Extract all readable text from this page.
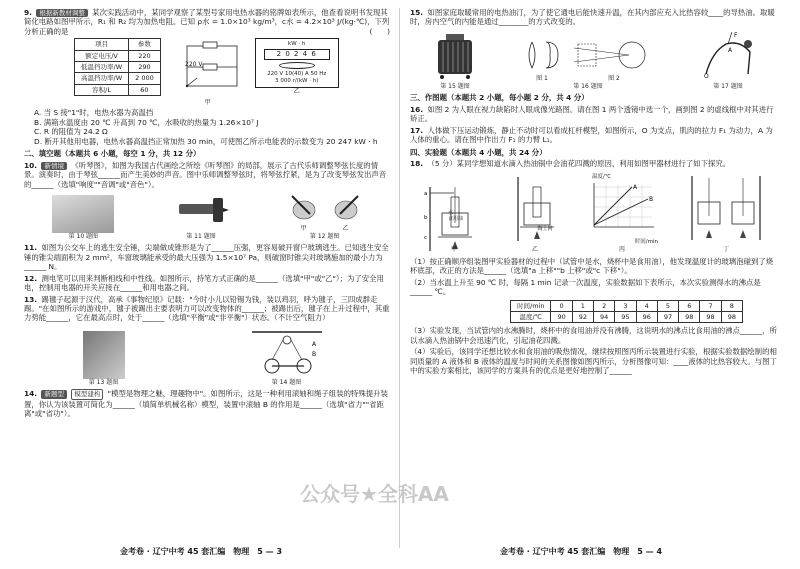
9. 根据新教材调整 某次实践活动中，某同学观察了某型号家用电热水器的铭牌如表所示，他查看说明书发现其简化电路如图甲所示，R₁ 和 R₂ 均为加热电阻。已知 ρ水 = 1.0×10³ kg/m³，c水 = 4.2×10³ J/(kg·℃)，下列分析正确的是	(　　)
项目	参数
额定电压/V	220
低温挡功率/W	290
高温挡功率/W	2 000
容积/L	60
220 V
甲
kW · h
2 0 2 4 6
220 V 10(40) A 50 Hz
3 000 r/(kW · h)
乙
A. 当 S 接"1"时，电热水器为高温挡
B. 满箱水温度由 20 ℃ 升高到 70 ℃，水吸收的热量为 1.26×10⁷ J
C. R 的阻值为 24.2 Ω
D. 断开其他用电器，电热水器高温挡正常加热 30 min，可使图乙所示电能表的示数变为 20 247 kW · h
二、填空题（本题共 6 小题，每空 1 分，共 12 分）
10. 新情境 《听琴图》，如图为我国古代画绘之所绘《听琴图》的局部，展示了古代乐师调整琴弦长度的情景。演奏时，由于琴弦______而产生美妙的声音。图中乐师调整琴弦时，将琴弦拧紧，是为了改变琴弦发出声音的______（选填"响度""音调"或"音色"）。
第 10 题图	第 11 题图
甲	乙
第 12 题图
11. 如图为公交车上的逃生安全锤，尖端做成锥形是为了______压强，更容易破开窗户玻璃逃生。已知逃生安全锤的锥尖端面积为 2 mm²，车窗玻璃能承受的最大压强为 1.5×10⁷ Pa，则破窗时锥尖对玻璃施加的最小力为______ N。
12. 测电笔可以用来判断相线和中性线。如图所示，持笔方式正确的是______（选填"甲"或"乙"）；为了安全用电，控制用电器的开关应接在______和用电器之间。
13. 踢毽子起源于汉代，高承《事物纪原》记载："今时小儿以铅锡为钱，装以鸡羽，呼为毽子，三四成群走踢。"在如图所示的游戏中，毽子被踢出主要表明力可以改变物体的______；被踢出后，毽子在上升过程中，其重力势能______，它在最高点时，处于______（选填"平衡"或"非平衡"）状态。（不计空气阻力）
第 13 题图
A
B
第 14 题图
14. 新题型 模型建构 "模型是物理之魅，理趣物中"。如图所示，这是一种利用滚轴和绳子组装的特殊提升装置，你认为该装置可简化为______（填简单机械名称）模型，装置中滚轴 B 的作用是______（选填"省力""省距离"或"省功"）。
15. 如图家庭取暖常用的电热油汀，为了使它通电后能快速升温，在其内部应充入比热容较____的导热油。取暖时，房内空气的内能是通过________的方式改变的。
第 15 题图
图 1	图 2
第 16 题图
F
O
A
第 17 题图
三、作图题（本题共 2 小题，每小题 2 分，共 4 分）
16. 如图 2 为人眼在视力缺陷时人眼成像光路图。请在图 1 两个透镜中选一个，画到图 2 的虚线框中对其进行矫正。
17. 人体做下压运动锻炼，静止不动时可以看成杠杆模型，如图所示，O 为支点，肌肉的拉力 F₁ 为动力，A 为人体的重心。请在图中作出力 F₁ 的力臂 L₁。
四、实验题（本题共 4 小题，共 24 分）
18. （5 分）某同学想知道水滴入热油锅中会油花四溅的原因，利用如图甲器材进行了如下探究。
a
b
c
水
食用油
甲
陶土网
乙
温度/℃
A
B
时间/min
丙	丁
（1）按正确顺序组装图甲实验器材的过程中（试管中是水，烧杯中是食用油），他发现温度计的玻璃泡碰到了烧杯底部，改正的方法是______（选填"a 上移""b 上移"或"c 下移"）。
（2）当水温上升至 90 ℃ 时，每隔 1 min 记录一次温度，实验数据如下表所示，本次实验测得水的沸点是______ ℃。
时间/min	0	1	2	3	4	5	6	7	8
温度/℃	90	92	94	95	96	97	98	98	98
（3）实验发现，当试管内的水沸腾时，烧杯中的食用油并没有沸腾，这说明水的沸点比食用油的沸点______，所以水滴入热油锅中会迅速汽化，引起油花四溅。
（4）实验后，该同学还想比较水和食用油的吸热情况，继续按照图丙所示装置进行实验，根据实验数据绘制的相同质量的 A 液体和 B 液体的温度与时间的关系图像如图丙所示，分析图像可知：____液体的比热容较大。与图丁中的实验方案相比，该同学的方案具有的优点是更好地控制了______
公众号★全科AA
金考卷 · 辽宁中考 45 套汇编　物理　5 — 3	金考卷 · 辽宁中考 45 套汇编　物理　5 — 4
